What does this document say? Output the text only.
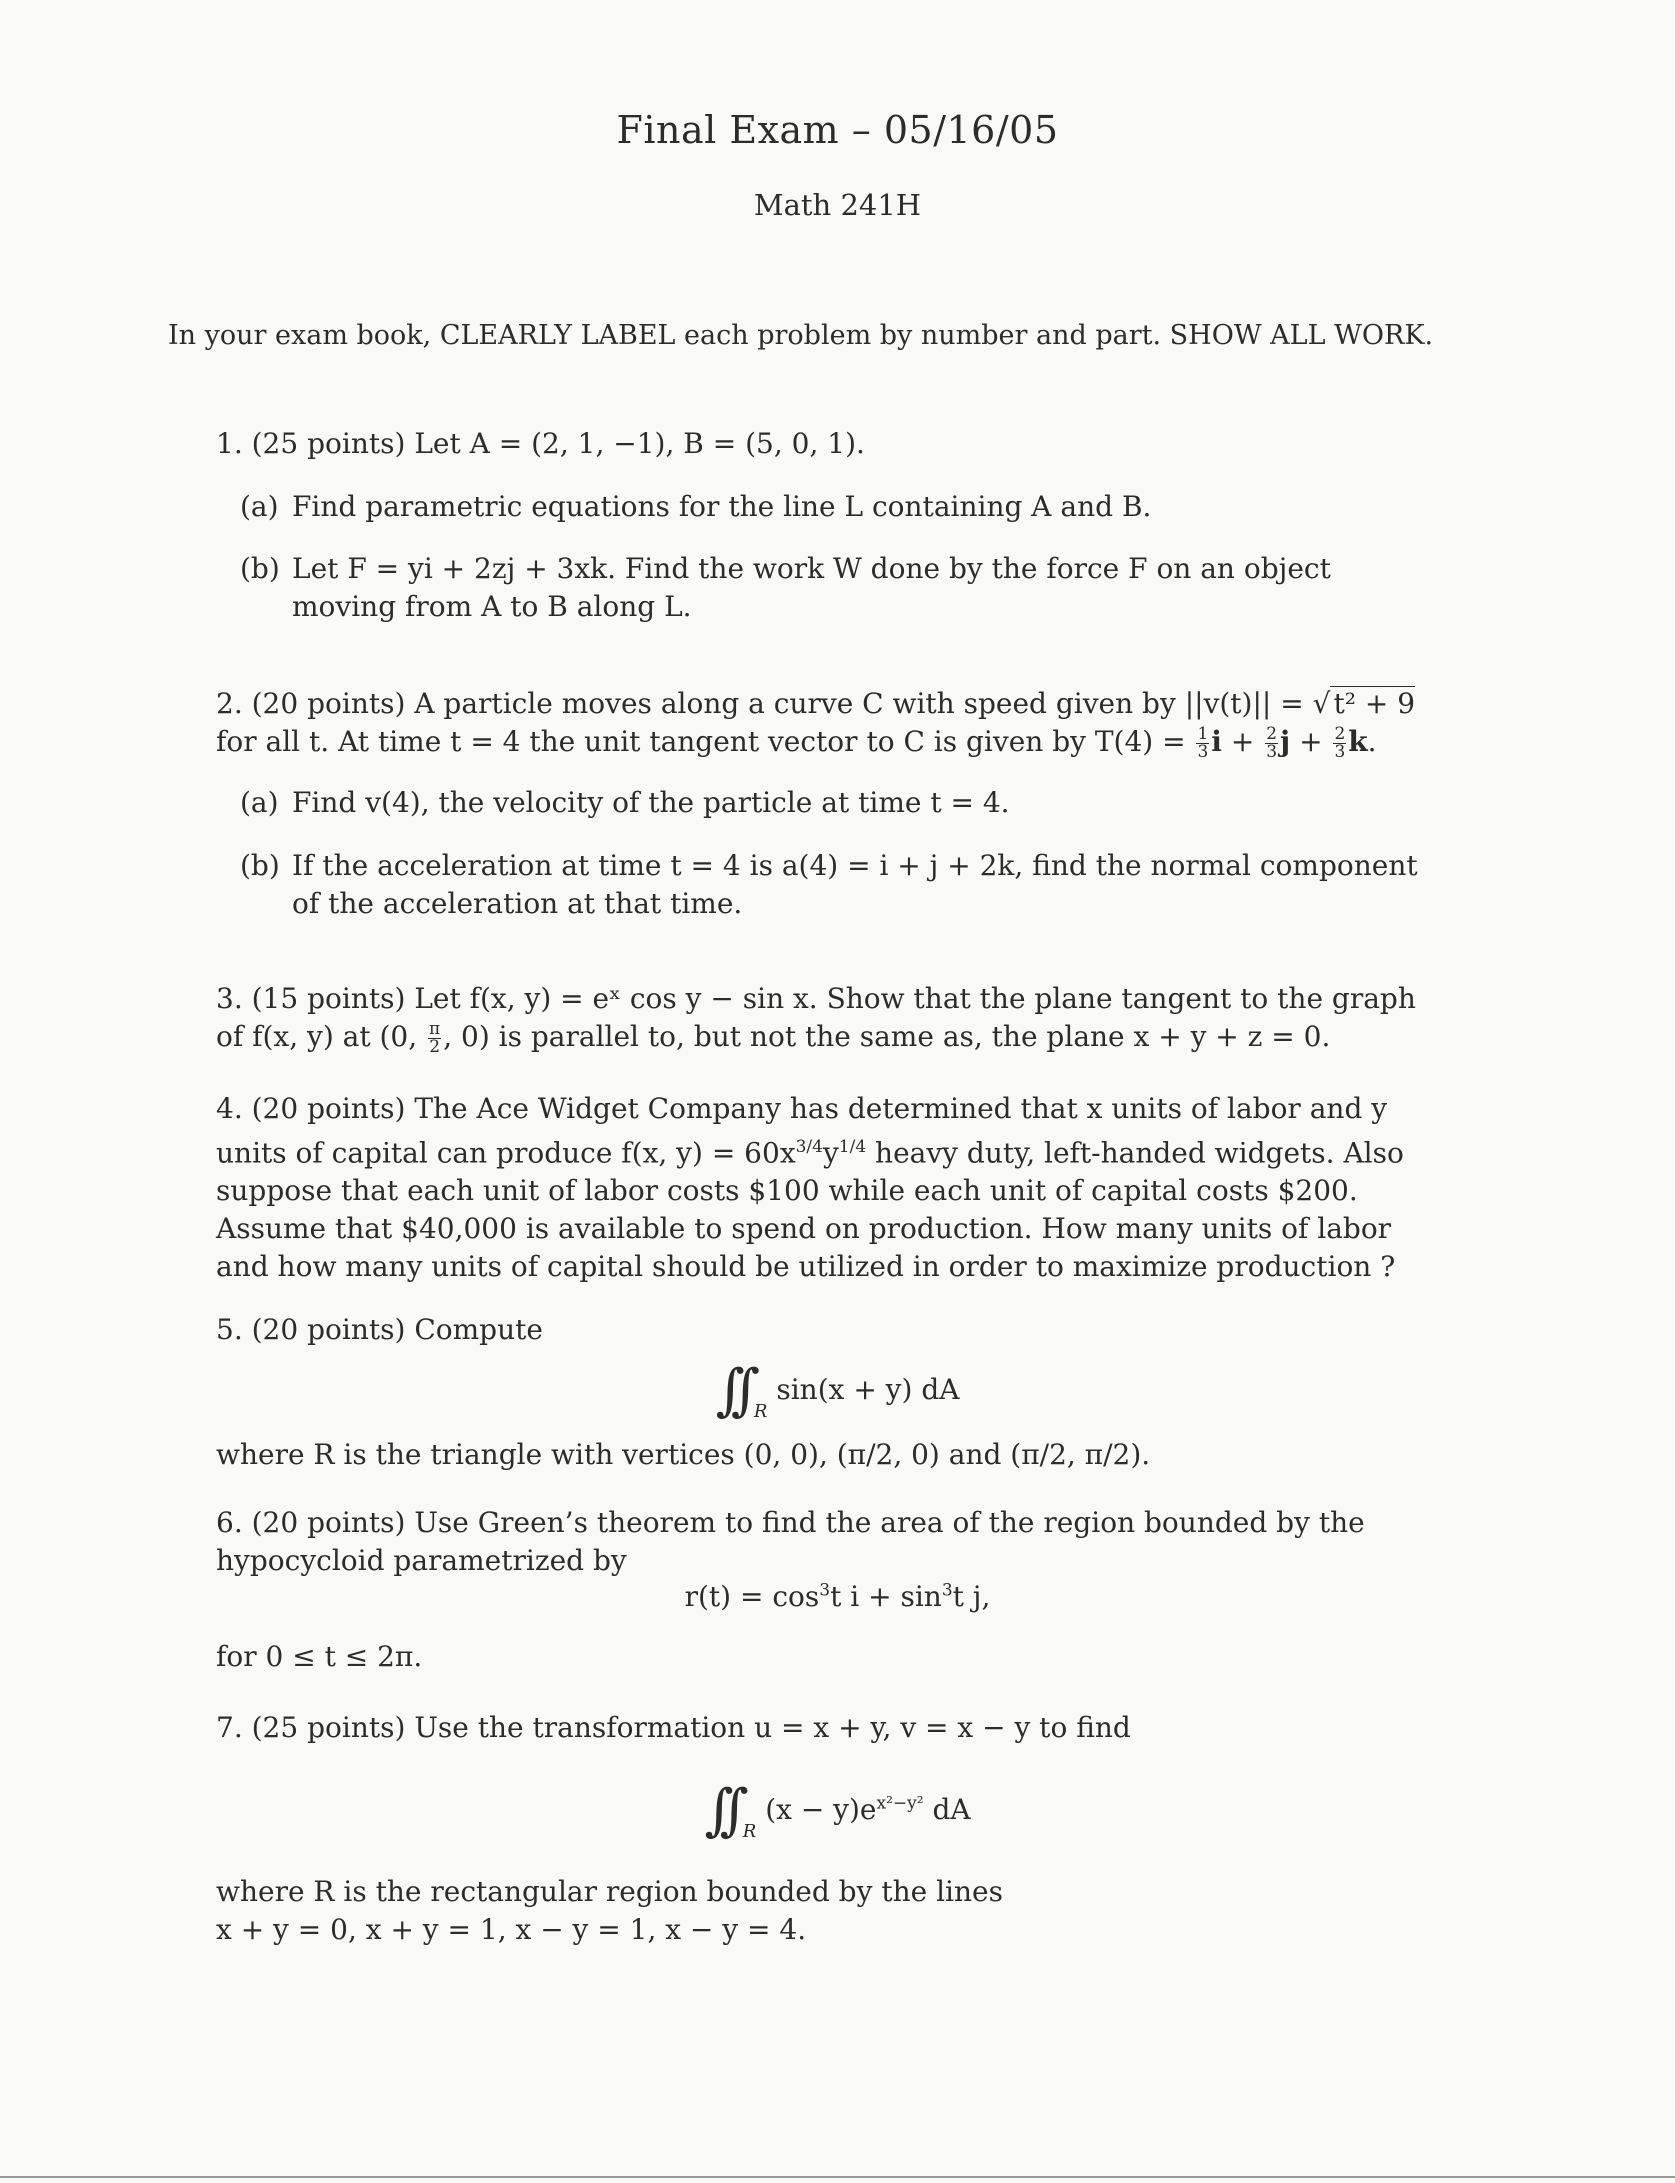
Final Exam – 05/16/05
Math 241H
In your exam book, CLEARLY LABEL each problem by number and part. SHOW ALL WORK.

1. (25 points) Let A = (2, 1, −1), B = (5, 0, 1).

(a) Find parametric equations for the line L containing A and B.
(b) Let F = yi + 2zj + 3xk. Find the work W done by the force F on an object moving from A to B along L.

2. (20 points) A particle moves along a curve C with speed given by ||v(t)|| = √ t² + 9 for all t. At time t = 4 the unit tangent vector to C is given by $T(4) = \frac{1}{3}$ $i + \frac{2}{3}$ $j + \frac{2}{3} k$.

(a) Find v(4), the velocity of the particle at time t = 4.
(b) If the acceleration at time t = 4 is a(4) = i + j + 2k, find the normal component of the acceleration at that time.

3. (15 points) Let f(x, y) = eˣ cos y − sin x. Show that the plane tangent to the graph of f(x, y) at (0, $\frac{\pi}{2}$ , 0) is parallel to, but not the same as, the plane x + y + z = 0.

4. (20 points) The Ace Widget Company has determined that x units of labor and y units of capital can produce f(x, $y) = 60x^{3/4}y^{1/4}$ heavy duty, left-handed widgets. Also suppose that each unit of labor costs $100 while each unit of capital costs $200. Assume that $40,000 is available to spend on production. How many units of labor and how many units of capital should be utilized in order to maximize production ?

5. (20 points) Compute

∫∫ $_R$ sin(x + y) dA

where R is the triangle with vertices (0, 0), (π/2, 0) and (π/2, π/2).

6. (20 points) Use Green’s theorem to find the area of the region bounded by the hypocycloid parametrized by

$r(t) = \cos^3t$ $i + \sin^3t$ j,

for 0 ≤ t ≤ 2π.

7. (25 points) Use the transformation u = x + y, v = x − y to find

∫∫ $_R$ $(x - y)e^{x^2-y^2}$ dA

where R is the rectangular region bounded by the lines

x + y = 0, x + y = 1, x − y = 1, x − y = 4.
